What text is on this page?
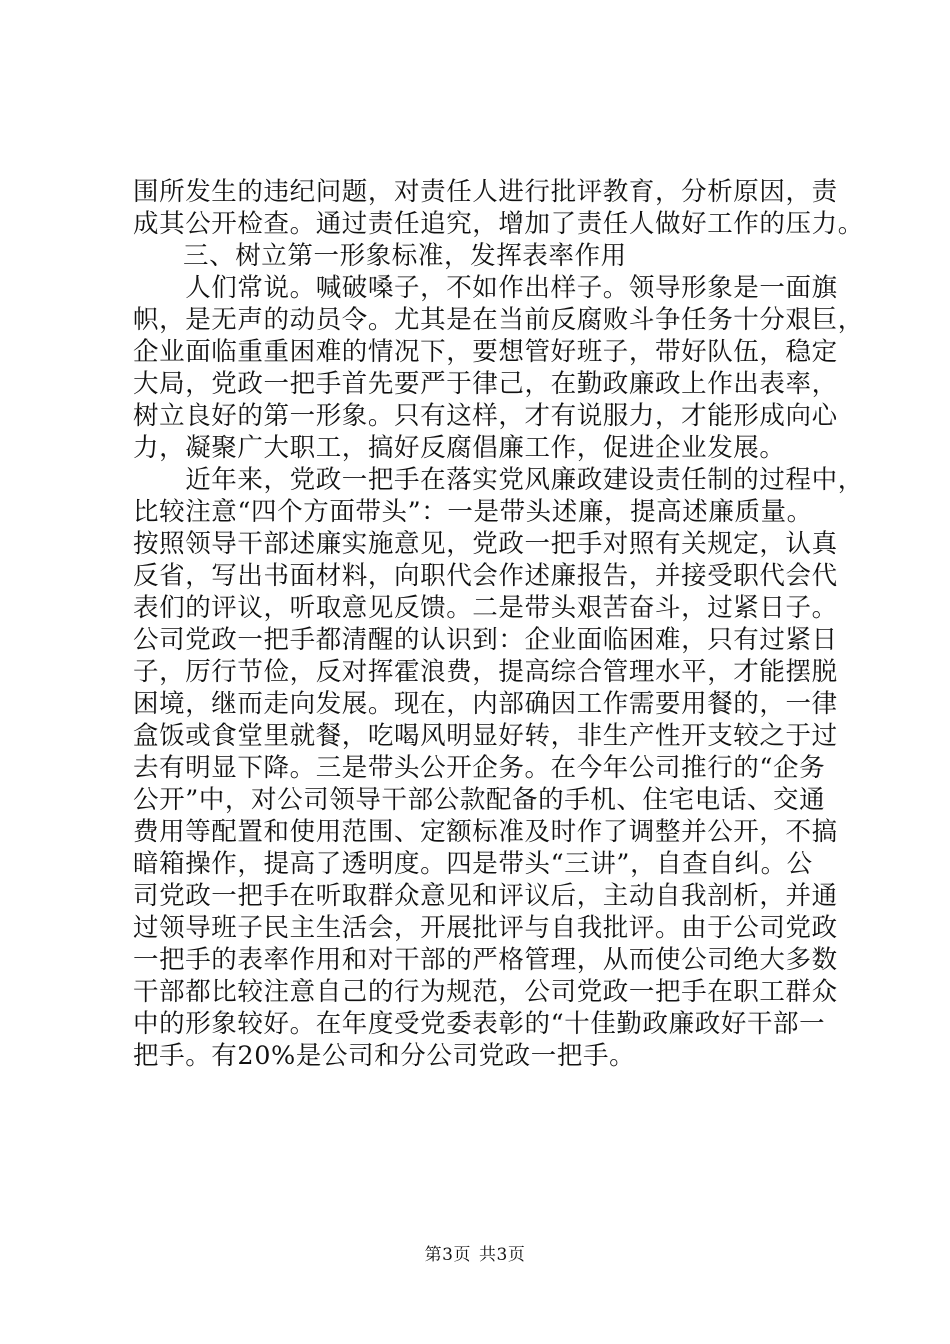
围所发生的违纪问题，对责任人进行批评教育，分析原因，责
成其公开检查。通过责任追究，增加了责任人做好工作的压力。
三、树立第一形象标准，发挥表率作用
　　人们常说。喊破嗓子，不如作出样子。领导形象是一面旗
帜，是无声的动员令。尤其是在当前反腐败斗争任务十分艰巨，
企业面临重重困难的情况下，要想管好班子，带好队伍，稳定
大局，党政一把手首先要严于律己，在勤政廉政上作出表率，
树立良好的第一形象。只有这样，才有说服力，才能形成向心
力，凝聚广大职工，搞好反腐倡廉工作，促进企业发展。
　　近年来，党政一把手在落实党风廉政建设责任制的过程中，
比较注意“四个方面带头”：一是带头述廉，提高述廉质量。
按照领导干部述廉实施意见，党政一把手对照有关规定，认真
反省，写出书面材料，向职代会作述廉报告，并接受职代会代
表们的评议，听取意见反馈。二是带头艰苦奋斗，过紧日子。
公司党政一把手都清醒的认识到：企业面临困难，只有过紧日
子，厉行节俭，反对挥霍浪费，提高综合管理水平，才能摆脱
困境，继而走向发展。现在，内部确因工作需要用餐的，一律
盒饭或食堂里就餐，吃喝风明显好转，非生产性开支较之于过
去有明显下降。三是带头公开企务。在今年公司推行的“企务
公开”中，对公司领导干部公款配备的手机、住宅电话、交通
费用等配置和使用范围、定额标准及时作了调整并公开，不搞
暗箱操作，提高了透明度。四是带头“三讲”，自查自纠。公
司党政一把手在听取群众意见和评议后，主动自我剖析，并通
过领导班子民主生活会，开展批评与自我批评。由于公司党政
一把手的表率作用和对干部的严格管理，从而使公司绝大多数
干部都比较注意自己的行为规范，公司党政一把手在职工群众
中的形象较好。在年度受党委表彰的“十佳勤政廉政好干部一
把手。有20%是公司和分公司党政一把手。
第3页 共3页
